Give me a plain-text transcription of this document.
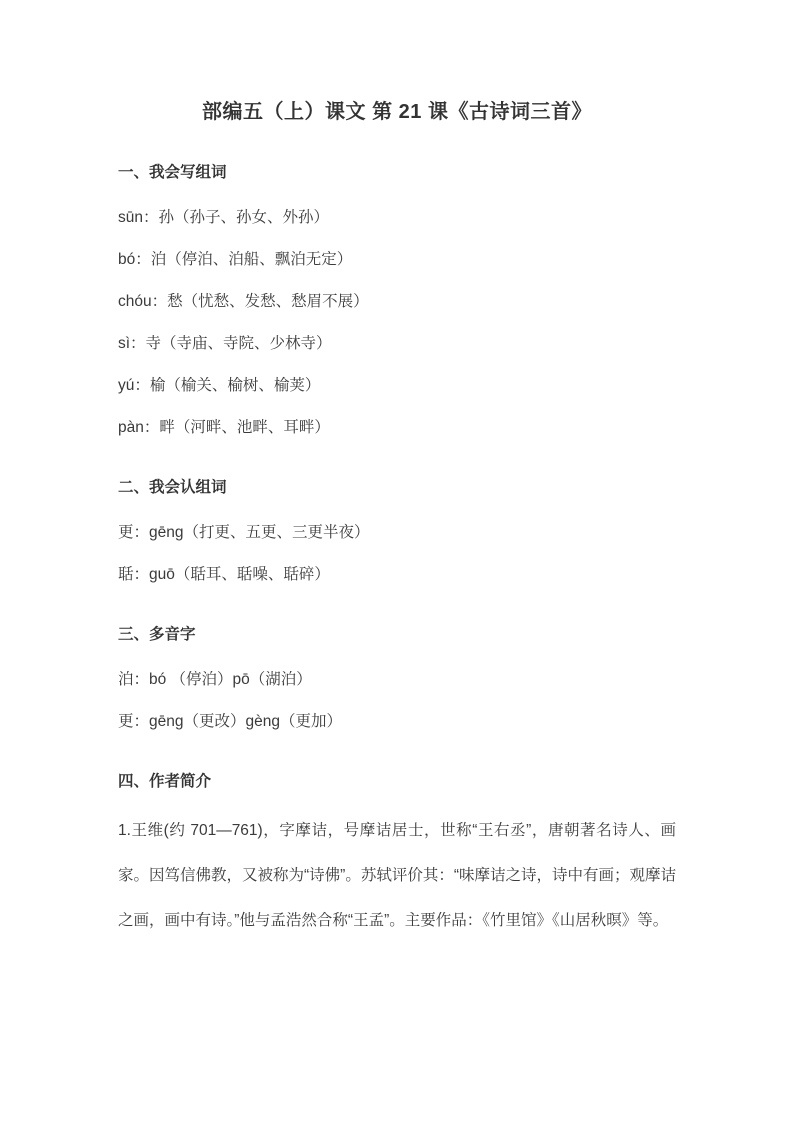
部编五（上）课文 第 21 课《古诗词三首》
一、我会写组词

sūn：孙（孙子、孙女、外孙）

bó：泊（停泊、泊船、飘泊无定）

chóu：愁（忧愁、发愁、愁眉不展）

sì：寺（寺庙、寺院、少林寺）

yú：榆（榆关、榆树、榆荚）

pàn：畔（河畔、池畔、耳畔）

二、我会认组词

更：gēng（打更、五更、三更半夜）

聒：guō（聒耳、聒噪、聒碎）

三、多音字

泊：bó （停泊）pō（湖泊）

更：gēng（更改）gèng（更加）

四、作者简介

1.王维(约 701—761)，字摩诘，号摩诘居士，世称“王右丞”，唐朝著名诗人、画家。因笃信佛教，又被称为“诗佛”。苏轼评价其：“味摩诘之诗，诗中有画；观摩诘之画，画中有诗。”他与孟浩然合称“王孟”。主要作品：《竹里馆》《山居秋暝》等。
